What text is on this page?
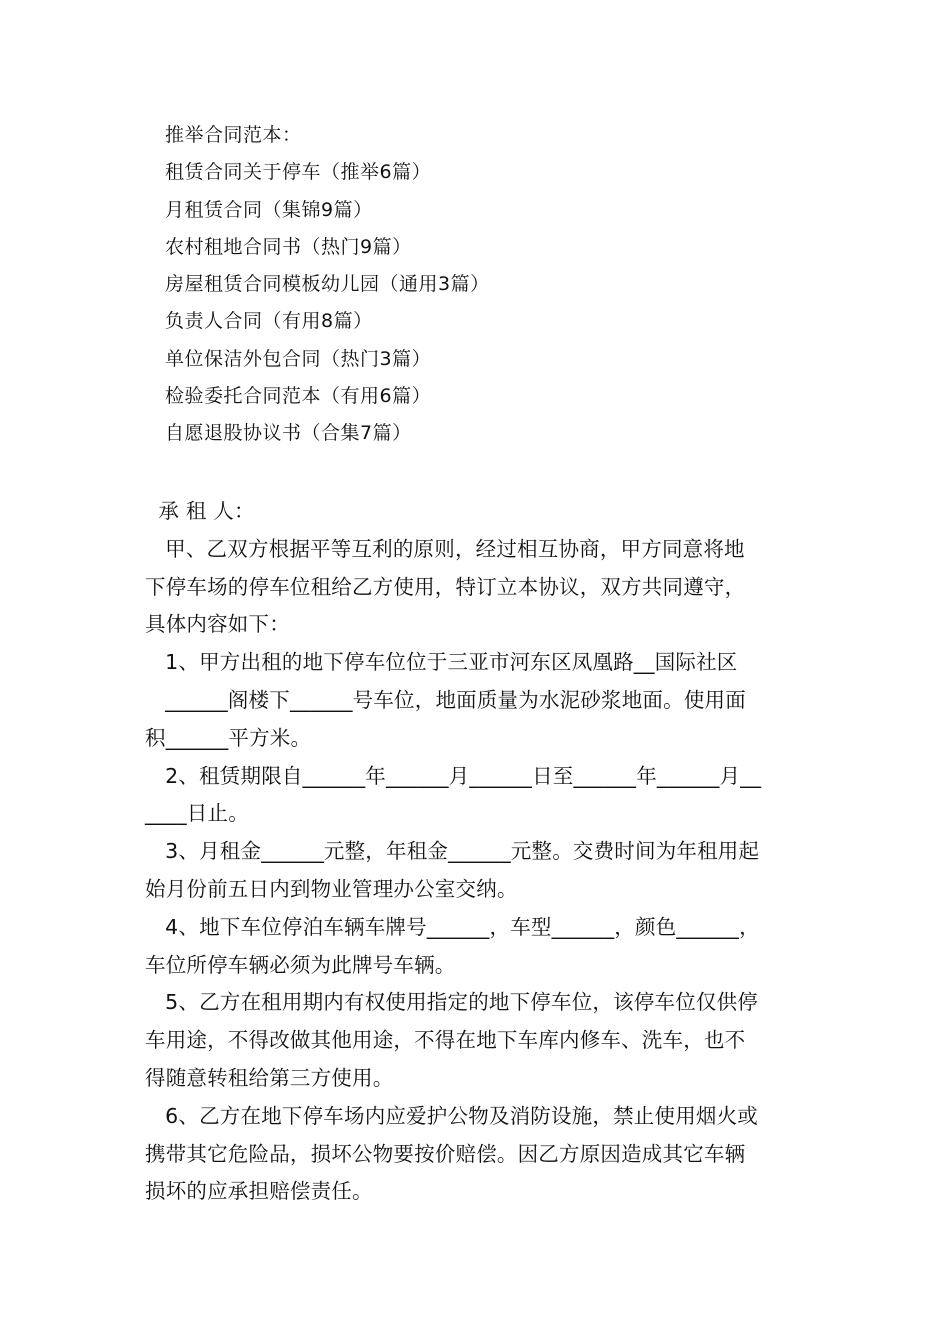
推举合同范本：
租赁合同关于停车（推举6篇）
月租赁合同（集锦9篇）
农村租地合同书（热门9篇）
房屋租赁合同模板幼儿园（通用3篇）
负责人合同（有用8篇）
单位保洁外包合同（热门3篇）
检验委托合同范本（有用6篇）
自愿退股协议书（合集7篇）
承 租 人：
甲、乙双方根据平等互利的原则，经过相互协商，甲方同意将地
下停车场的停车位租给乙方使用，特订立本协议，双方共同遵守，
具体内容如下：
1、甲方出租的地下停车位位于三亚市河东区凤凰路__国际社区
______阁楼下______号车位，地面质量为水泥砂浆地面。使用面
积______平方米。
2、租赁期限自______年______月______日至______年______月__
____日止。
3、月租金______元整，年租金______元整。交费时间为年租用起
始月份前五日内到物业管理办公室交纳。
4、地下车位停泊车辆车牌号______，车型______，颜色______，
车位所停车辆必须为此牌号车辆。
5、乙方在租用期内有权使用指定的地下停车位，该停车位仅供停
车用途，不得改做其他用途，不得在地下车库内修车、洗车，也不
得随意转租给第三方使用。
6、乙方在地下停车场内应爱护公物及消防设施，禁止使用烟火或
携带其它危险品，损坏公物要按价赔偿。因乙方原因造成其它车辆
损坏的应承担赔偿责任。
